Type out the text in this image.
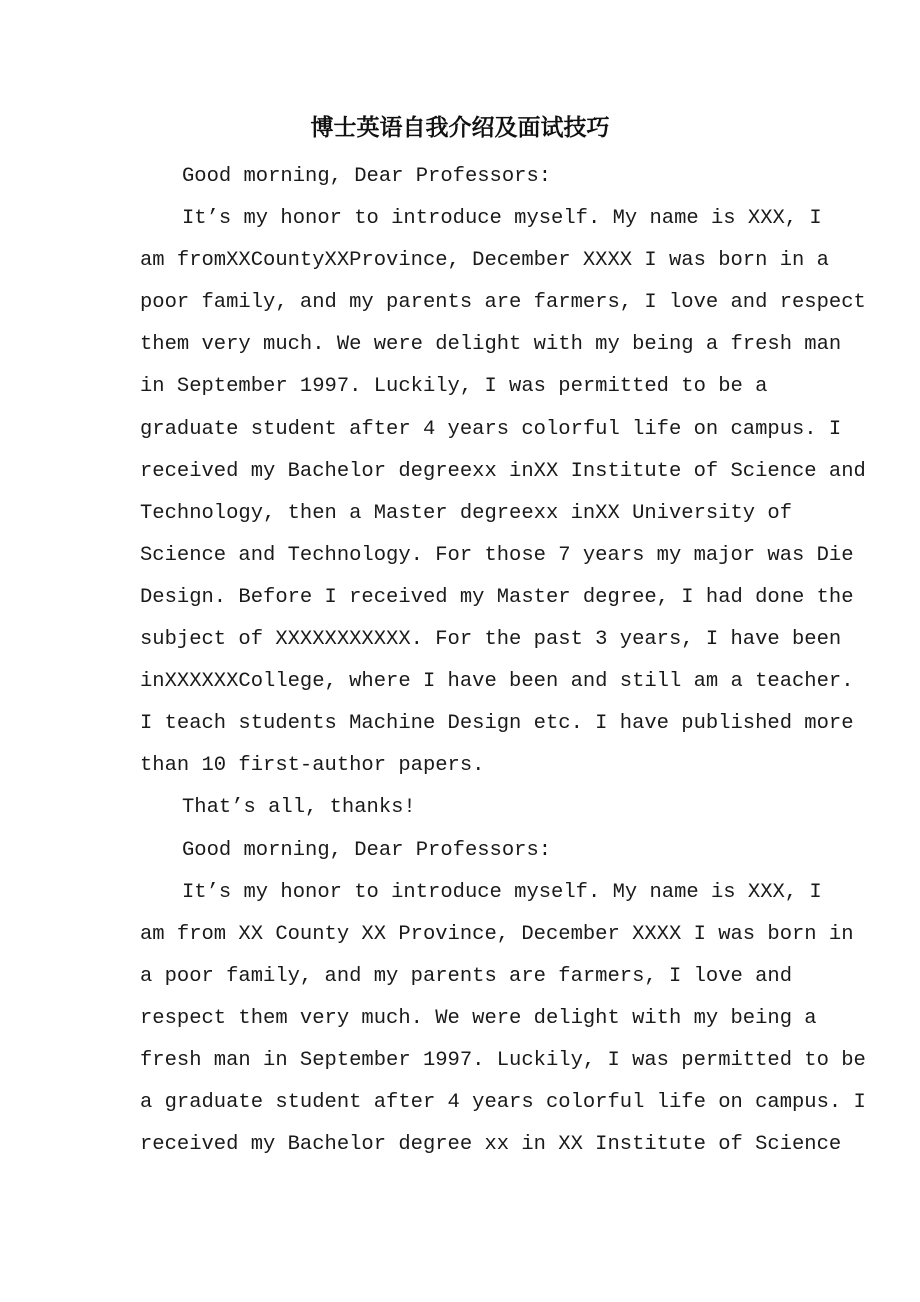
博士英语自我介绍及面试技巧
Good morning, Dear Professors:
It’s my honor to introduce myself. My name is XXX, I
am fromXXCountyXXProvince, December XXXX I was born in a
poor family, and my parents are farmers, I love and respect
them very much. We were delight with my being a fresh man
in September 1997. Luckily, I was permitted to be a
graduate student after 4 years colorful life on campus. I
received my Bachelor degreexx inXX Institute of Science and
Technology, then a Master degreexx inXX University of
Science and Technology. For those 7 years my major was Die
Design. Before I received my Master degree, I had done the
subject of XXXXXXXXXXX. For the past 3 years, I have been
inXXXXXXCollege, where I have been and still am a teacher.
I teach students Machine Design etc. I have published more
than 10 first-author papers.
That’s all, thanks!
Good morning, Dear Professors:
It’s my honor to introduce myself. My name is XXX, I
am from XX County XX Province, December XXXX I was born in
a poor family, and my parents are farmers, I love and
respect them very much. We were delight with my being a
fresh man in September 1997. Luckily, I was permitted to be
a graduate student after 4 years colorful life on campus. I
received my Bachelor degree xx in XX Institute of Science
